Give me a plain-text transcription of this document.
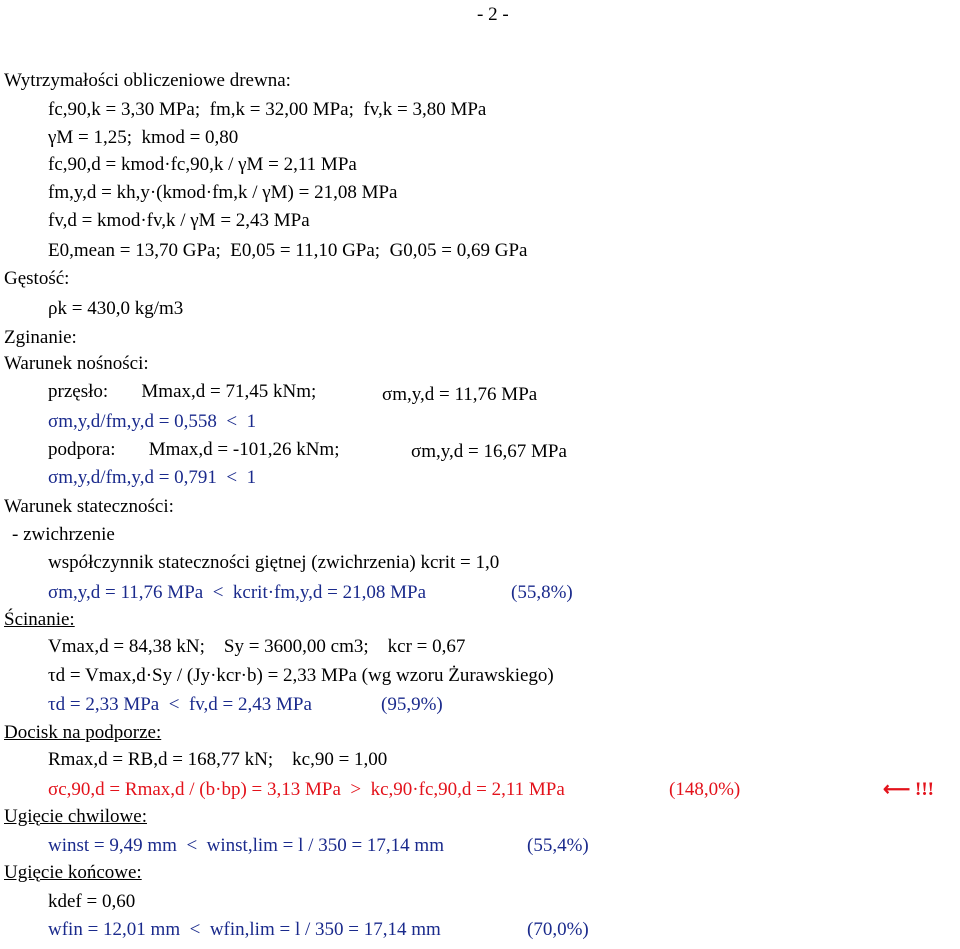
- 2 -
Wytrzymałości obliczeniowe drewna:
fc,90,k = 3,30 MPa;  fm,k = 32,00 MPa;  fv,k = 3,80 MPa
γM = 1,25;  kmod = 0,80
fc,90,d = kmod·fc,90,k / γM = 2,11 MPa
fm,y,d = kh,y·(kmod·fm,k / γM) = 21,08 MPa
fv,d = kmod·fv,k / γM = 2,43 MPa
E0,mean = 13,70 GPa;  E0,05 = 11,10 GPa;  G0,05 = 0,69 GPa
Gęstość:
ρk = 430,0 kg/m3
Zginanie:
Warunek nośności:
przęsło:       Mmax,d = 71,45 kNm;	σm,y,d = 11,76 MPa
σm,y,d/fm,y,d = 0,558  <  1
podpora:       Mmax,d = -101,26 kNm;	σm,y,d = 16,67 MPa
σm,y,d/fm,y,d = 0,791  <  1
Warunek stateczności:
- zwichrzenie
współczynnik stateczności giętnej (zwichrzenia) kcrit = 1,0
σm,y,d = 11,76 MPa  <  kcrit·fm,y,d = 21,08 MPa	(55,8%)
Ścinanie:
Vmax,d = 84,38 kN;    Sy = 3600,00 cm3;    kcr = 0,67
τd = Vmax,d·Sy / (Jy·kcr·b) = 2,33 MPa (wg wzoru Żurawskiego)
τd = 2,33 MPa  <  fv,d = 2,43 MPa	(95,9%)
Docisk na podporze:
Rmax,d = RB,d = 168,77 kN;    kc,90 = 1,00
σc,90,d = Rmax,d / (b·bp) = 3,13 MPa  >  kc,90·fc,90,d = 2,11 MPa	(148,0%)	⟵ !!!
Ugięcie chwilowe:
winst = 9,49 mm  <  winst,lim = l / 350 = 17,14 mm	(55,4%)
Ugięcie końcowe:
kdef = 0,60
wfin = 12,01 mm  <  wfin,lim = l / 350 = 17,14 mm	(70,0%)
